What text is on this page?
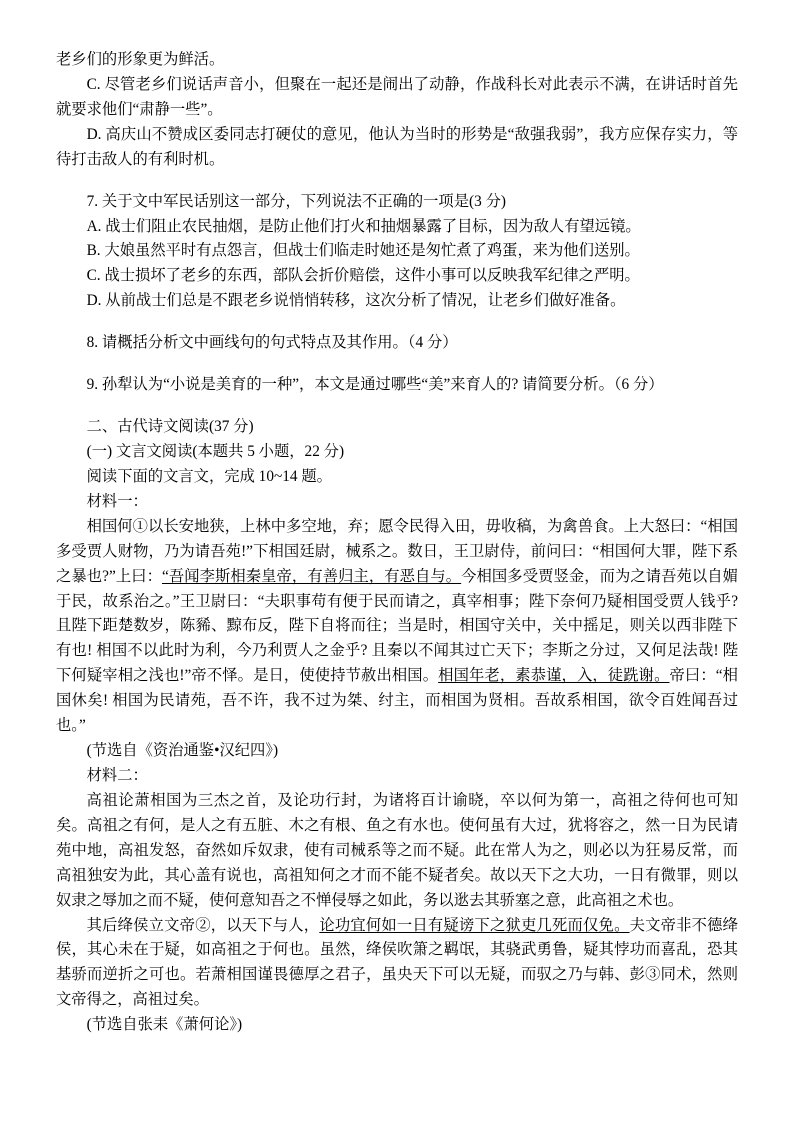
老乡们的形象更为鲜活。

C. 尽管老乡们说话声音小，但聚在一起还是闹出了动静，作战科长对此表示不满，在讲话时首先就要求他们“肃静一些”。

D. 高庆山不赞成区委同志打硬仗的意见，他认为当时的形势是“敌强我弱”，我方应保存实力，等待打击敌人的有利时机。

7. 关于文中军民话别这一部分，下列说法不正确的一项是(3 分)

A. 战士们阻止农民抽烟，是防止他们打火和抽烟暴露了目标，因为敌人有望远镜。

B. 大娘虽然平时有点怨言，但战士们临走时她还是匆忙煮了鸡蛋，来为他们送别。

C. 战士损坏了老乡的东西，部队会折价赔偿，这件小事可以反映我军纪律之严明。

D. 从前战士们总是不跟老乡说悄悄转移，这次分析了情况，让老乡们做好准备。

8. 请概括分析文中画线句的句式特点及其作用。（4 分）

9. 孙犁认为“小说是美育的一种”，本文是通过哪些“美”来育人的? 请简要分析。（6 分）

二、古代诗文阅读(37 分)

(一) 文言文阅读(本题共 5 小题，22 分)

阅读下面的文言文，完成 10~14 题。

材料一：

相国何①以长安地狭，上林中多空地，弃；愿令民得入田，毋收稿，为禽兽食。上大怒曰：“相国多受贾人财物，乃为请吾苑!”下相国廷尉，械系之。数日，王卫尉侍，前问曰：“相国何大罪，陛下系之暴也?”上曰：“吾闻李斯相秦皇帝，有善归主，有恶自与。今相国多受贾竖金，而为之请吾苑以自媚于民，故系治之。”王卫尉曰：“夫职事苟有便于民而请之，真宰相事；陛下奈何乃疑相国受贾人钱乎? 且陛下距楚数岁，陈豨、黥布反，陛下自将而往；当是时，相国守关中，关中摇足，则关以西非陛下有也! 相国不以此时为利，今乃利贾人之金乎? 且秦以不闻其过亡天下；李斯之分过，又何足法哉! 陛下何疑宰相之浅也!”帝不怿。是日，使使持节赦出相国。相国年老，素恭谨，入，徒跣谢。帝曰：“相国休矣! 相国为民请苑，吾不许，我不过为桀、纣主，而相国为贤相。吾故系相国，欲令百姓闻吾过也。”

(节选自《资治通鉴•汉纪四》)

材料二：

高祖论萧相国为三杰之首，及论功行封，为诸将百计谕晓，卒以何为第一，高祖之待何也可知矣。高祖之有何，是人之有五脏、木之有根、鱼之有水也。使何虽有大过，犹将容之，然一日为民请苑中地，高祖发怒，奋然如斥奴隶，使有司械系等之而不疑。此在常人为之，则必以为狂易反常，而高祖独安为此，其心盖有说也，高祖知何之才而不能不疑者矣。故以天下之大功，一日有微罪，则以奴隶之辱加之而不疑，使何意知吾之不惮侵辱之如此，务以逖去其骄塞之意，此高祖之术也。

其后绛侯立文帝②，以天下与人，论功宜何如一日有疑谤下之狱吏几死而仅免。夫文帝非不德绛侯，其心未在于疑，如高祖之于何也。虽然，绛侯吹箫之羁氓，其骁武勇鲁，疑其悖功而喜乱，恐其基骄而逆折之可也。若萧相国谨畏德厚之君子，虽央天下可以无疑，而驭之乃与韩、彭③同术，然则文帝得之，高祖过矣。

(节选自张耒《萧何论》)
